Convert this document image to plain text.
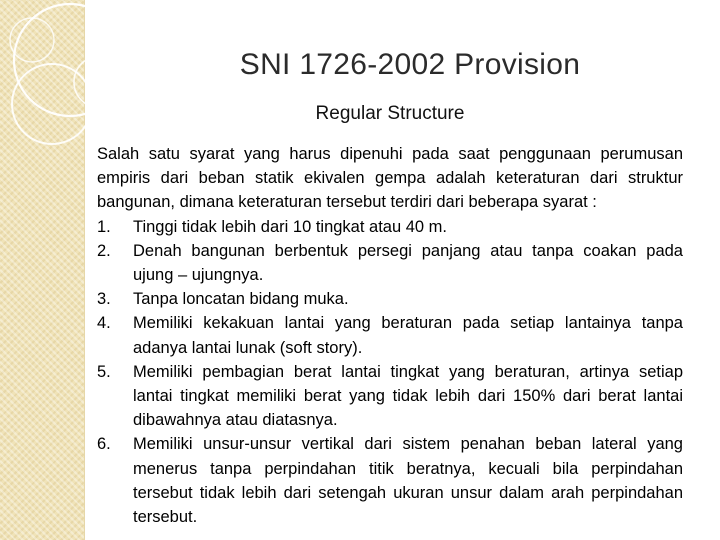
SNI 1726-2002 Provision
Regular Structure

Salah satu syarat yang harus dipenuhi pada saat penggunaan perumusan empiris dari beban statik ekivalen gempa adalah keteraturan dari struktur bangunan, dimana keteraturan tersebut terdiri dari beberapa syarat :

1. Tinggi tidak lebih dari 10 tingkat atau 40 m.
2. Denah bangunan berbentuk persegi panjang atau tanpa coakan pada ujung – ujungnya.
3. Tanpa loncatan bidang muka.
4. Memiliki kekakuan lantai yang beraturan pada setiap lantainya tanpa adanya lantai lunak (soft story).
5. Memiliki pembagian berat lantai tingkat yang beraturan, artinya setiap lantai tingkat memiliki berat yang tidak lebih dari 150% dari berat lantai dibawahnya atau diatasnya.
6. Memiliki unsur-unsur vertikal dari sistem penahan beban lateral yang menerus tanpa perpindahan titik beratnya, kecuali bila perpindahan tersebut tidak lebih dari setengah ukuran unsur dalam arah perpindahan tersebut.
